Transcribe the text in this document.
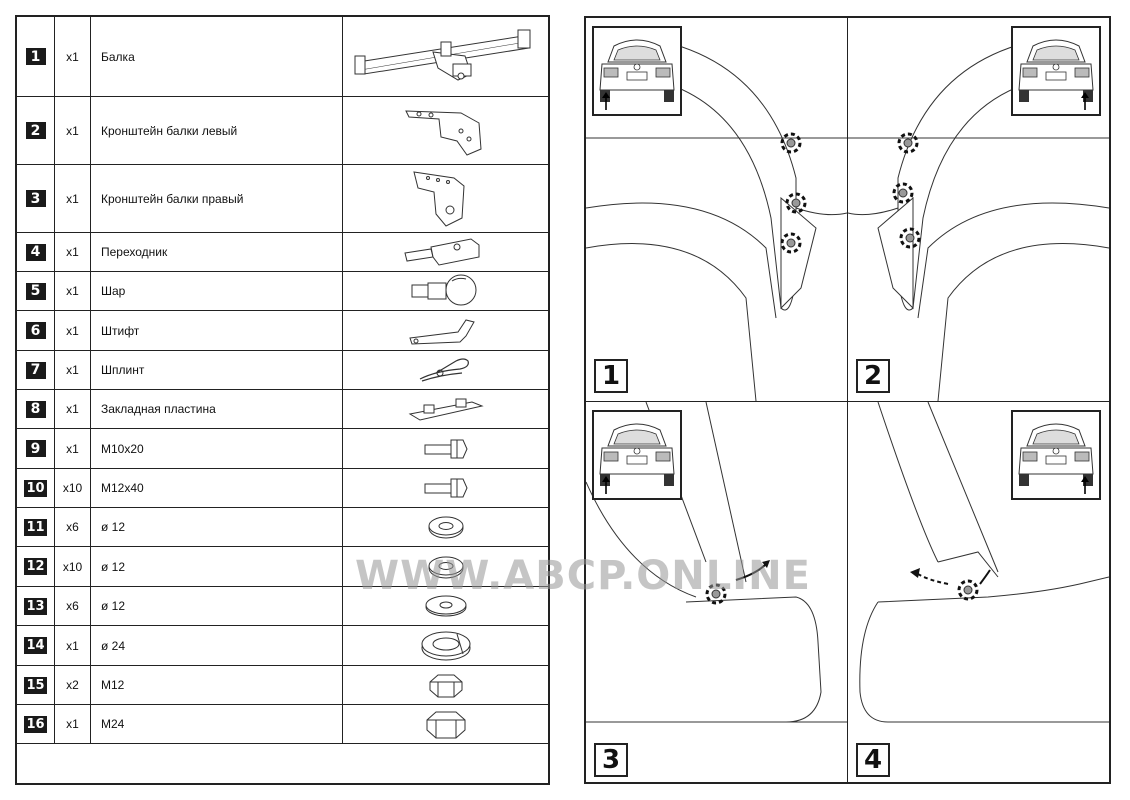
1	x1	Балка
2	x1	Кронштейн балки левый
3	x1	Кронштейн балки правый
4	x1	Переходник
5	x1	Шар
6	x1	Штифт
7	x1	Шплинт
8	x1	Закладная пластина
9	x1	M10x20
10	x10	M12x40
11	x6	ø 12
12	x10	ø 12
13	x6	ø 12
14	x1	ø 24
15	x2	M12
16	x1	M24
1	2
3	4
WWW.ABCP.ONLINE
